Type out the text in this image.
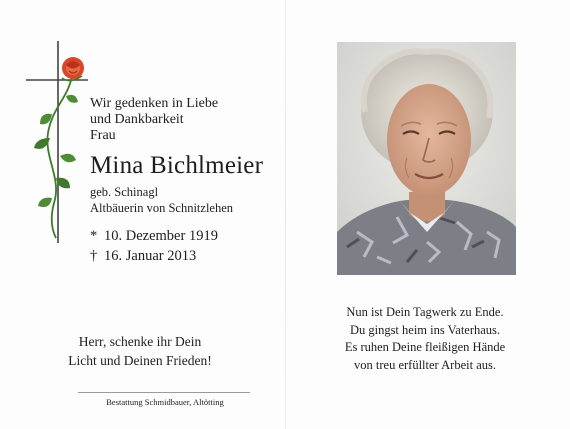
Wir gedenken in Liebe
und Dankbarkeit
Frau
Mina Bichlmeier
geb. Schinagl
Altbäuerin von Schnitzlehen
* 10. Dezember 1919
† 16. Januar 2013
Herr, schenke ihr Dein
Licht und Deinen Frieden!
Bestattung Schmidbauer, Altötting
Nun ist Dein Tagwerk zu Ende.
Du gingst heim ins Vaterhaus.
Es ruhen Deine fleißigen Hände
von treu erfüllter Arbeit aus.
